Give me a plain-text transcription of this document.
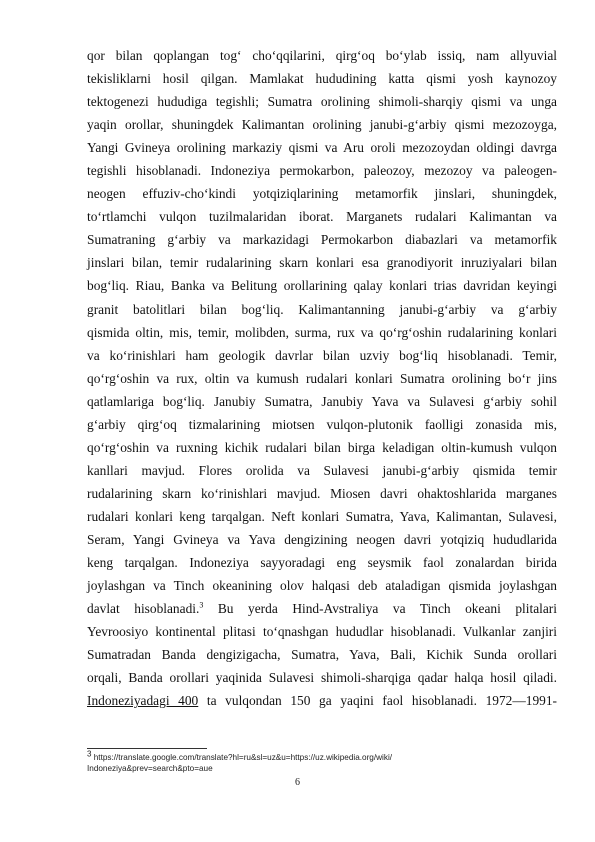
qor bilan qoplangan tog‘ cho‘qqilarini, qirg‘oq bo‘ylab issiq, nam allyuvial
tekisliklarni hosil qilgan. Mamlakat hududining katta qismi yosh kaynozoy
tektogenezi hududiga tegishli; Sumatra orolining shimoli-sharqiy qismi va unga
yaqin orollar, shuningdek Kalimantan orolining janubi-g‘arbiy qismi mezozoyga,
Yangi Gvineya orolining markaziy qismi va Aru oroli mezozoydan oldingi davrga
tegishli hisoblanadi. Indoneziya permokarbon, paleozoy, mezozoy va paleogen-
neogen effuziv-cho‘kindi yotqiziqlarining metamorfik jinslari, shuningdek,
to‘rtlamchi vulqon tuzilmalaridan iborat. Marganets rudalari Kalimantan va
Sumatraning g‘arbiy va markazidagi Permokarbon diabazlari va metamorfik
jinslari bilan, temir rudalarining skarn konlari esa granodiyorit inruziyalari bilan
bog‘liq. Riau, Banka va Belitung orollarining qalay konlari trias davridan keyingi
granit batolitlari bilan bog‘liq. Kalimantanning janubi-g‘arbiy va g‘arbiy
qismida oltin, mis, temir, molibden, surma, rux va qo‘rg‘oshin rudalarining konlari
va ko‘rinishlari ham geologik davrlar bilan uzviy bog‘liq hisoblanadi. Temir,
qo‘rg‘oshin va rux, oltin va kumush rudalari konlari Sumatra orolining bo‘r jins
qatlamlariga bog‘liq. Janubiy Sumatra, Janubiy Yava va Sulavesi g‘arbiy sohil
g‘arbiy qirg‘oq tizmalarining miotsen vulqon-plutonik faolligi zonasida mis,
qo‘rg‘oshin va ruxning kichik rudalari bilan birga keladigan oltin-kumush vulqon
kanllari mavjud. Flores orolida va Sulavesi janubi-g‘arbiy qismida temir
rudalarining skarn ko‘rinishlari mavjud. Miosen davri ohaktoshlarida marganes
rudalari konlari keng tarqalgan. Neft konlari Sumatra, Yava, Kalimantan, Sulavesi,
Seram, Yangi Gvineya va Yava dengizining neogen davri yotqiziq hududlarida
keng tarqalgan. Indoneziya sayyoradagi eng seysmik faol zonalardan birida
joylashgan va Tinch okeanining olov halqasi deb ataladigan qismida joylashgan
davlat hisoblanadi.$^3$ Bu yerda Hind-Avstraliya va Tinch okeani plitalari
Yevroosiyo kontinental plitasi to‘qnashgan hududlar hisoblanadi. Vulkanlar zanjiri
Sumatradan Banda dengizigacha, Sumatra, Yava, Bali, Kichik Sunda orollari
orqali, Banda orollari yaqinida Sulavesi shimoli-sharqiga qadar halqa hosil qiladi.
Indoneziyadagi 400 ta vulqondan 150 ga yaqini faol hisoblanadi. 1972—1991-
$^3$ https://translate.google.com/translate?hl=ru&sl=uz&u=https://uz.wikipedia.org/wiki/
Indoneziya&prev=search&pto=aue
6
